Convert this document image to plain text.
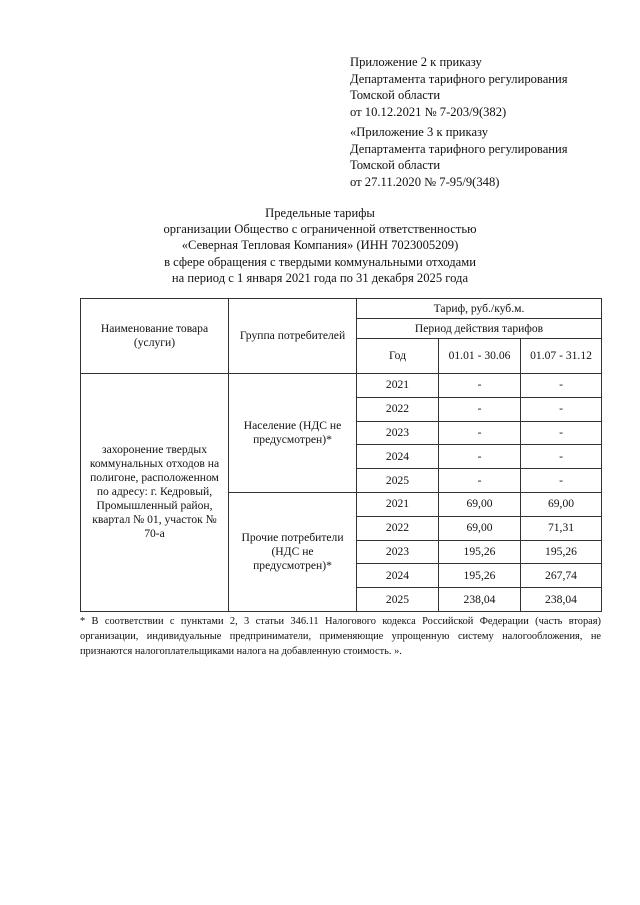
Приложение 2 к приказу
Департамента тарифного регулирования
Томской области
от 10.12.2021 № 7-203/9(382)
«Приложение 3 к приказу
Департамента тарифного регулирования
Томской области
от 27.11.2020 № 7-95/9(348)
Предельные тарифы
организации Общество с ограниченной ответственностью
«Северная Тепловая Компания» (ИНН 7023005209)
в сфере обращения с твердыми коммунальными отходами
на период с 1 января 2021 года по 31 декабря 2025 года
Наименование товара (услуги)	Группа потребителей	Тариф, руб./куб.м.		
		Период действия тарифов		
		Год	01.01 - 30.06	01.07 - 31.12
захоронение твердых коммунальных отходов на полигоне, расположенном по адресу: г. Кедровый, Промышленный район, квартал № 01, участок № 70-а	Население (НДС не предусмотрен)*	2021	-	-
		2022	-	-
		2023	-	-
		2024	-	-
		2025	-	-
	Прочие потребители (НДС не предусмотрен)*	2021	69,00	69,00
		2022	69,00	71,31
		2023	195,26	195,26
		2024	195,26	267,74
		2025	238,04	238,04
* В соответствии с пунктами 2, 3 статьи 346.11 Налогового кодекса Российской Федерации (часть вторая) организации, индивидуальные предприниматели, применяющие упрощенную систему налогообложения, не признаются налогоплательщиками налога на добавленную стоимость. ».
